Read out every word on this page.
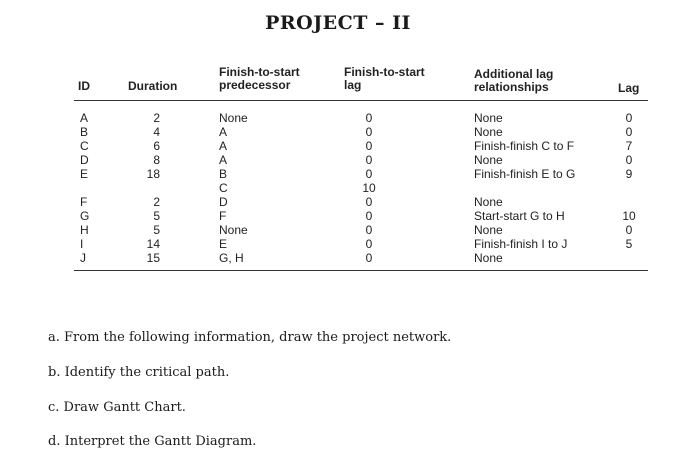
PROJECT – II
ID	Duration
Finish-to-start
predecessor
Finish-to-start
lag
Additional lag
relationships	Lag
A
B
C
D
E
F
G
H
I
J
2
4
6
8
18
2
5
5
14
15
None
A
A
A
B
C
D
F
None
E
G, H
0
0
0
0
0
10
0
0
0
0
0
None
None
Finish-finish C to F
None
Finish-finish E to G
None
Start-start G to H
None
Finish-finish I to J
None
0
0
7
0
9
10
0
5
a. From the following information, draw the project network.
b. Identify the critical path.
c. Draw Gantt Chart.
d. Interpret the Gantt Diagram.
